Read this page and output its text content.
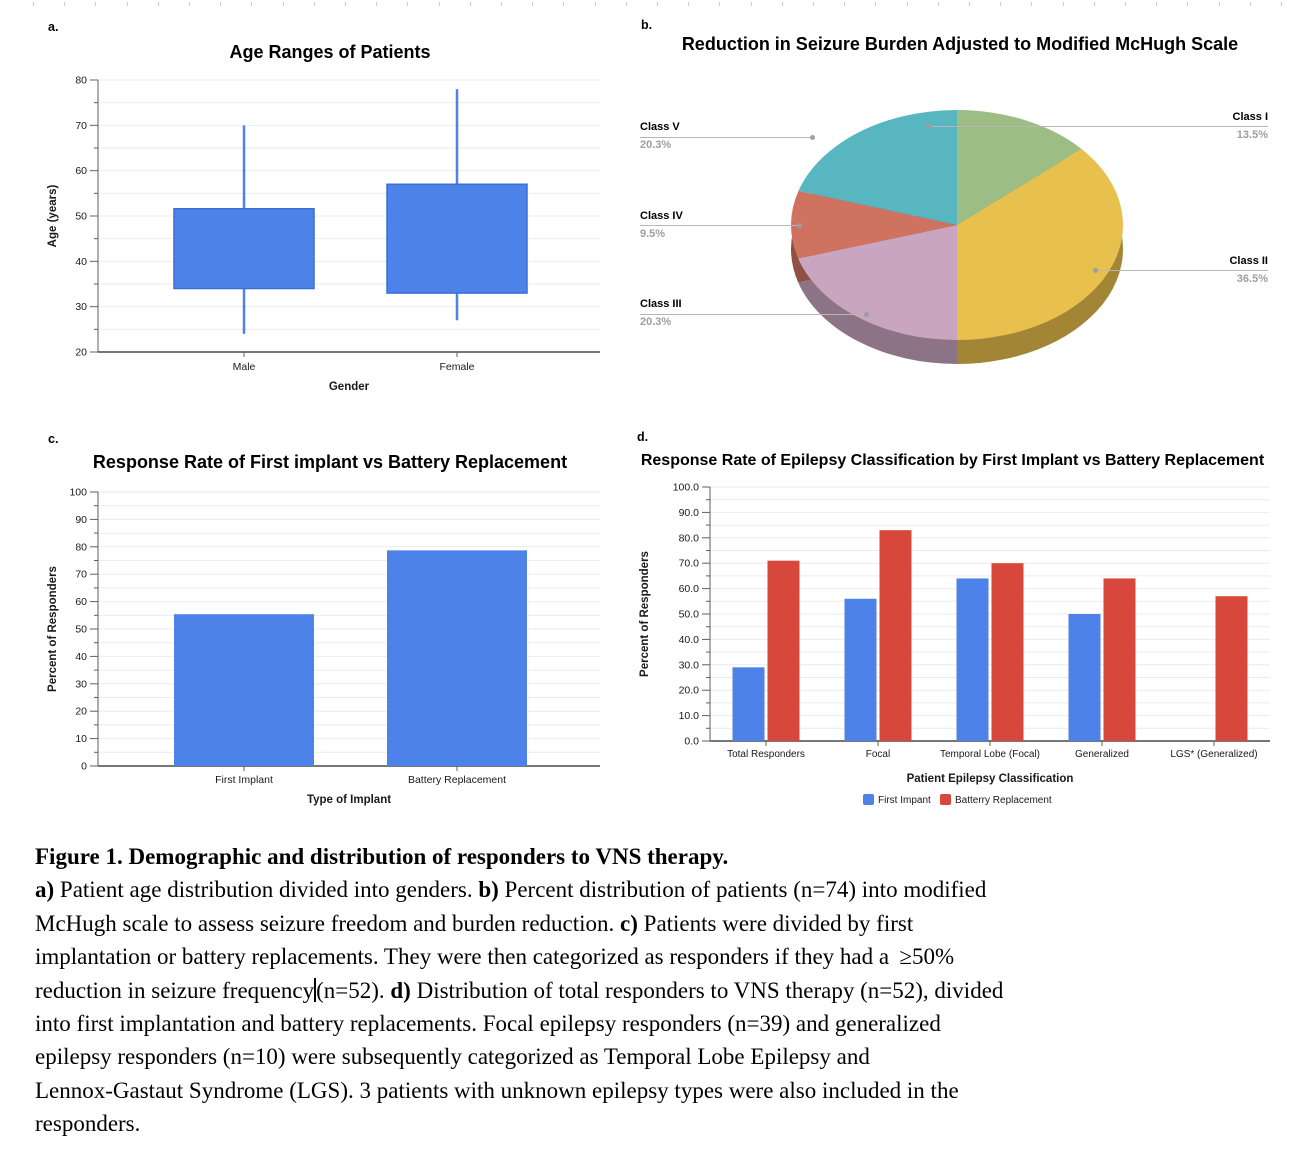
a.	b.
c.	d.
Age Ranges of Patients	Reduction in Seizure Burden Adjusted to Modified McHugh Scale
Response Rate of First implant vs Battery Replacement	Response Rate of Epilepsy Classification by First Implant vs Battery Replacement
20
30
40
50
60
70
80
Gender
Age (years)
Male	Female
0
10
20
30
40
50
60
70
80
90
100
Type of Implant
Percent of Responders
First Implant	Battery Replacement
0.0
10.0
20.0
30.0
40.0
50.0
60.0
70.0
80.0
90.0
100.0
Patient Epilepsy Classification
Percent of Responders
Total Responders	Focal	Temporal Lobe (Focal)	Generalized	LGS* (Generalized)
First Impant Batterry Replacement
Class I
13.5%
Class II
36.5%
Class III
20.3%
Class IV
9.5%
Class V
20.3%
Figure 1. Demographic and distribution of responders to VNS therapy.
a) Patient age distribution divided into genders. b) Percent distribution of patients (n=74) into modified
McHugh scale to assess seizure freedom and burden reduction. c) Patients were divided by first
implantation or battery replacements. They were then categorized as responders if they had a  ≥50%
reduction in seizure frequency(n=52). d) Distribution of total responders to VNS therapy (n=52), divided
into first implantation and battery replacements. Focal epilepsy responders (n=39) and generalized
epilepsy responders (n=10) were subsequently categorized as Temporal Lobe Epilepsy and
Lennox-Gastaut Syndrome (LGS). 3 patients with unknown epilepsy types were also included in the
responders.
